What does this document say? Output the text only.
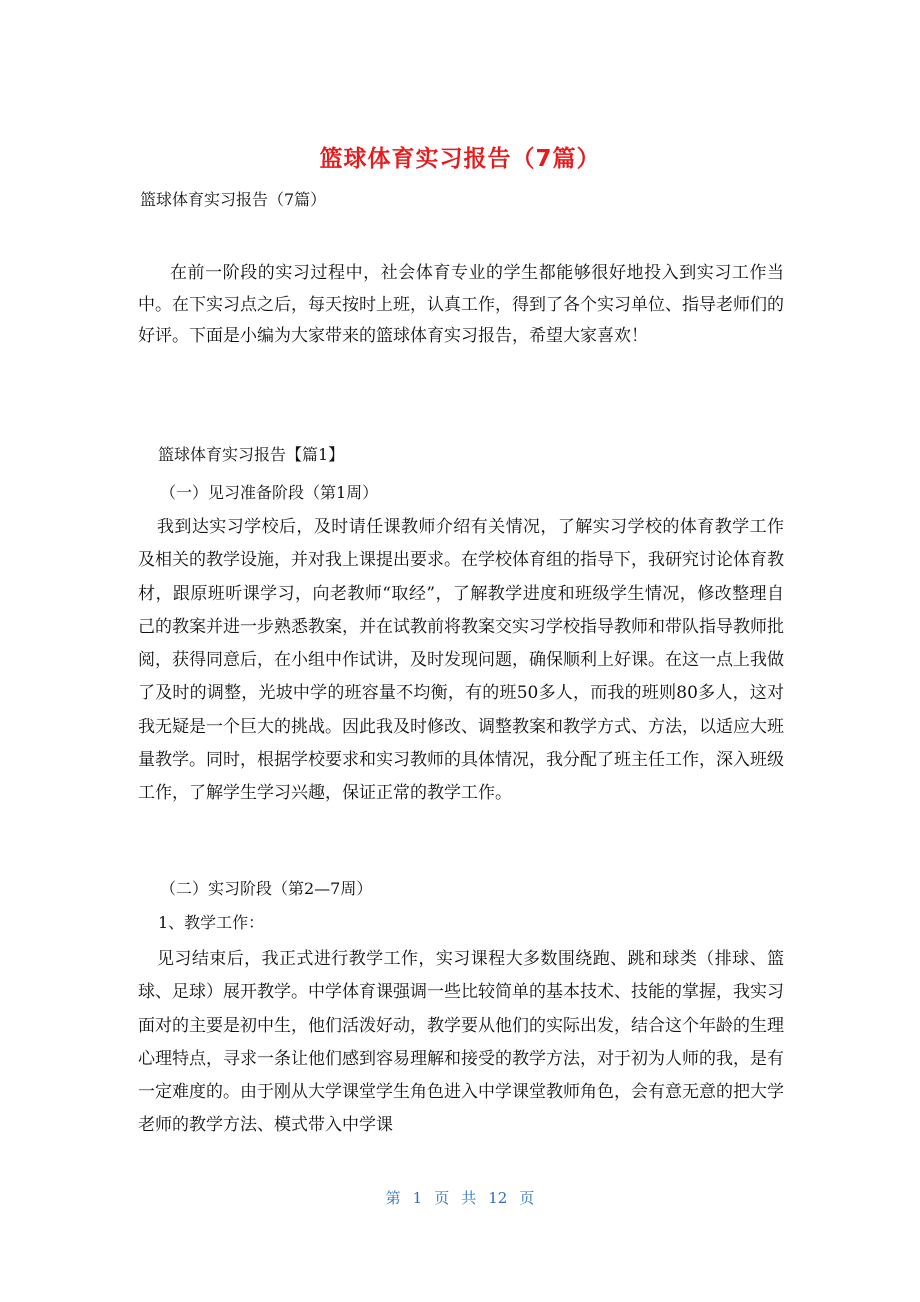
篮球体育实习报告（7篇）
篮球体育实习报告（7篇）
在前一阶段的实习过程中，社会体育专业的学生都能够很好地投入到实习工作当中。在下实习点之后，每天按时上班，认真工作，得到了各个实习单位、指导老师们的好评。下面是小编为大家带来的篮球体育实习报告，希望大家喜欢！
篮球体育实习报告【篇1】
（一）见习准备阶段（第1周）
我到达实习学校后，及时请任课教师介绍有关情况，了解实习学校的体育教学工作及相关的教学设施，并对我上课提出要求。在学校体育组的指导下，我研究讨论体育教材，跟原班听课学习，向老教师“取经”，了解教学进度和班级学生情况，修改整理自己的教案并进一步熟悉教案，并在试教前将教案交实习学校指导教师和带队指导教师批阅，获得同意后，在小组中作试讲，及时发现问题，确保顺利上好课。在这一点上我做了及时的调整，光坡中学的班容量不均衡，有的班50多人，而我的班则80多人，这对我无疑是一个巨大的挑战。因此我及时修改、调整教案和教学方式、方法，以适应大班量教学。同时，根据学校要求和实习教师的具体情况，我分配了班主任工作，深入班级工作，了解学生学习兴趣，保证正常的教学工作。
（二）实习阶段（第2—7周）
1、教学工作：
见习结束后，我正式进行教学工作，实习课程大多数围绕跑、跳和球类（排球、篮球、足球）展开教学。中学体育课强调一些比较简单的基本技术、技能的掌握，我实习面对的主要是初中生，他们活泼好动，教学要从他们的实际出发，结合这个年龄的生理心理特点，寻求一条让他们感到容易理解和接受的教学方法，对于初为人师的我，是有一定难度的。由于刚从大学课堂学生角色进入中学课堂教师角色，会有意无意的把大学老师的教学方法、模式带入中学课
第 1 页 共 12 页
